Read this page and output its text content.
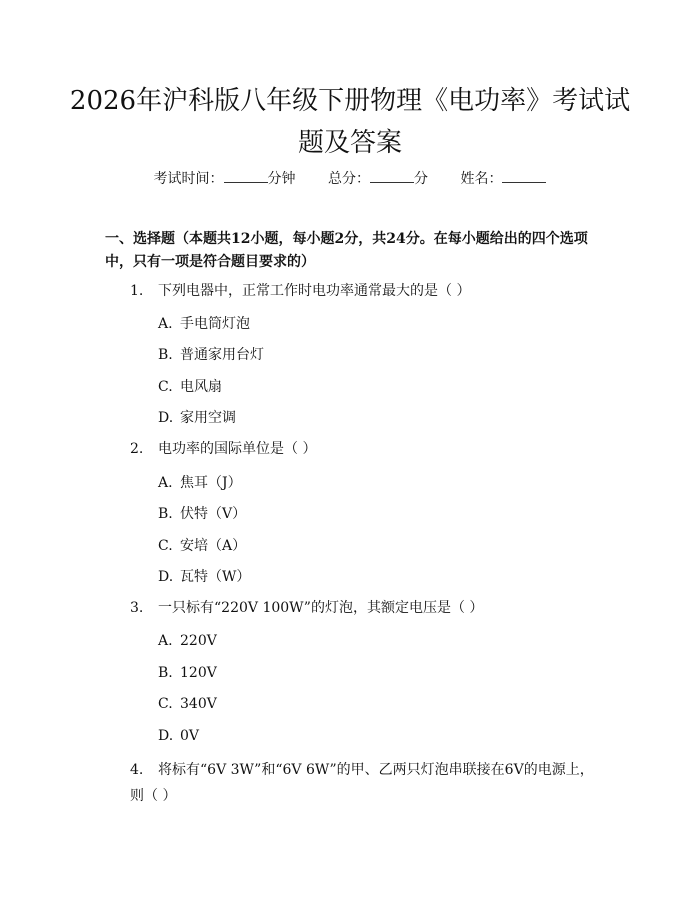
2026年沪科版八年级下册物理《电功率》考试试题及答案
考试时间：	分钟 总分：	分 姓名：
一、选择题（本题共12小题，每小题2分，共24分。在每小题给出的四个选项中，只有一项是符合题目要求的）
1. 下列电器中，正常工作时电功率通常最大的是（ ）
A. 手电筒灯泡
B. 普通家用台灯
C. 电风扇
D. 家用空调
2. 电功率的国际单位是（ ）
A. 焦耳（J）
B. 伏特（V）
C. 安培（A）
D. 瓦特（W）
3. 一只标有“220V 100W”的灯泡，其额定电压是（ ）
A. 220V
B. 120V
C. 340V
D. 0V
4. 将标有“6V 3W”和“6V 6W”的甲、乙两只灯泡串联接在6V的电源上，则（ ）
